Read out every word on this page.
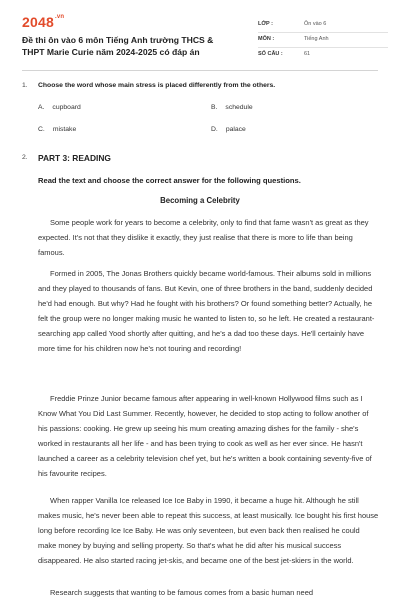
$2048^{.vn}$
Đề thi ôn vào 6 môn Tiếng Anh trường THCS & THPT Marie Curie năm 2024-2025 có đáp án
LỚP :	Ôn vào 6
MÔN :	Tiếng Anh
SỐ CÂU :	61
1. Choose the word whose main stress is placed differently from the others.
A. cupboard	B. schedule
C. mistake	D. palace
2. PART 3: READING
Read the text and choose the correct answer for the following questions.
Becoming a Celebrity

Some people work for years to become a celebrity, only to find that fame wasn't as great as they expected. It's not that they dislike it exactly, they just realise that there is more to life than being famous.

Formed in 2005, The Jonas Brothers quickly became world-famous. Their albums sold in millions and they played to thousands of fans. But Kevin, one of three brothers in the band, suddenly decided he'd had enough. But why? Had he fought with his brothers? Or found something better? Actually, he felt the group were no longer making music he wanted to listen to, so he left. He created a restaurant-searching app called Yood shortly after quitting, and he's a dad too these days. He'll certainly have more time for his children now he's not touring and recording!

Freddie Prinze Junior became famous after appearing in well-known Hollywood films such as I Know What You Did Last Summer. Recently, however, he decided to stop acting to follow another of his passions: cooking. He grew up seeing his mum creating amazing dishes for the family - she's worked in restaurants all her life - and has been trying to cook as well as her ever since. He hasn't launched a career as a celebrity television chef yet, but he's written a book containing seventy-five of his favourite recipes.

When rapper Vanilla Ice released Ice Ice Baby in 1990, it became a huge hit. Although he still makes music, he's never been able to repeat this success, at least musically. Ice bought his first house long before recording Ice Ice Baby. He was only seventeen, but even back then realised he could make money by buying and selling property. So that's what he did after his musical success disappeared. He also started racing jet-skis, and became one of the best jet-skiers in the world.

Research suggests that wanting to be famous comes from a basic human need
